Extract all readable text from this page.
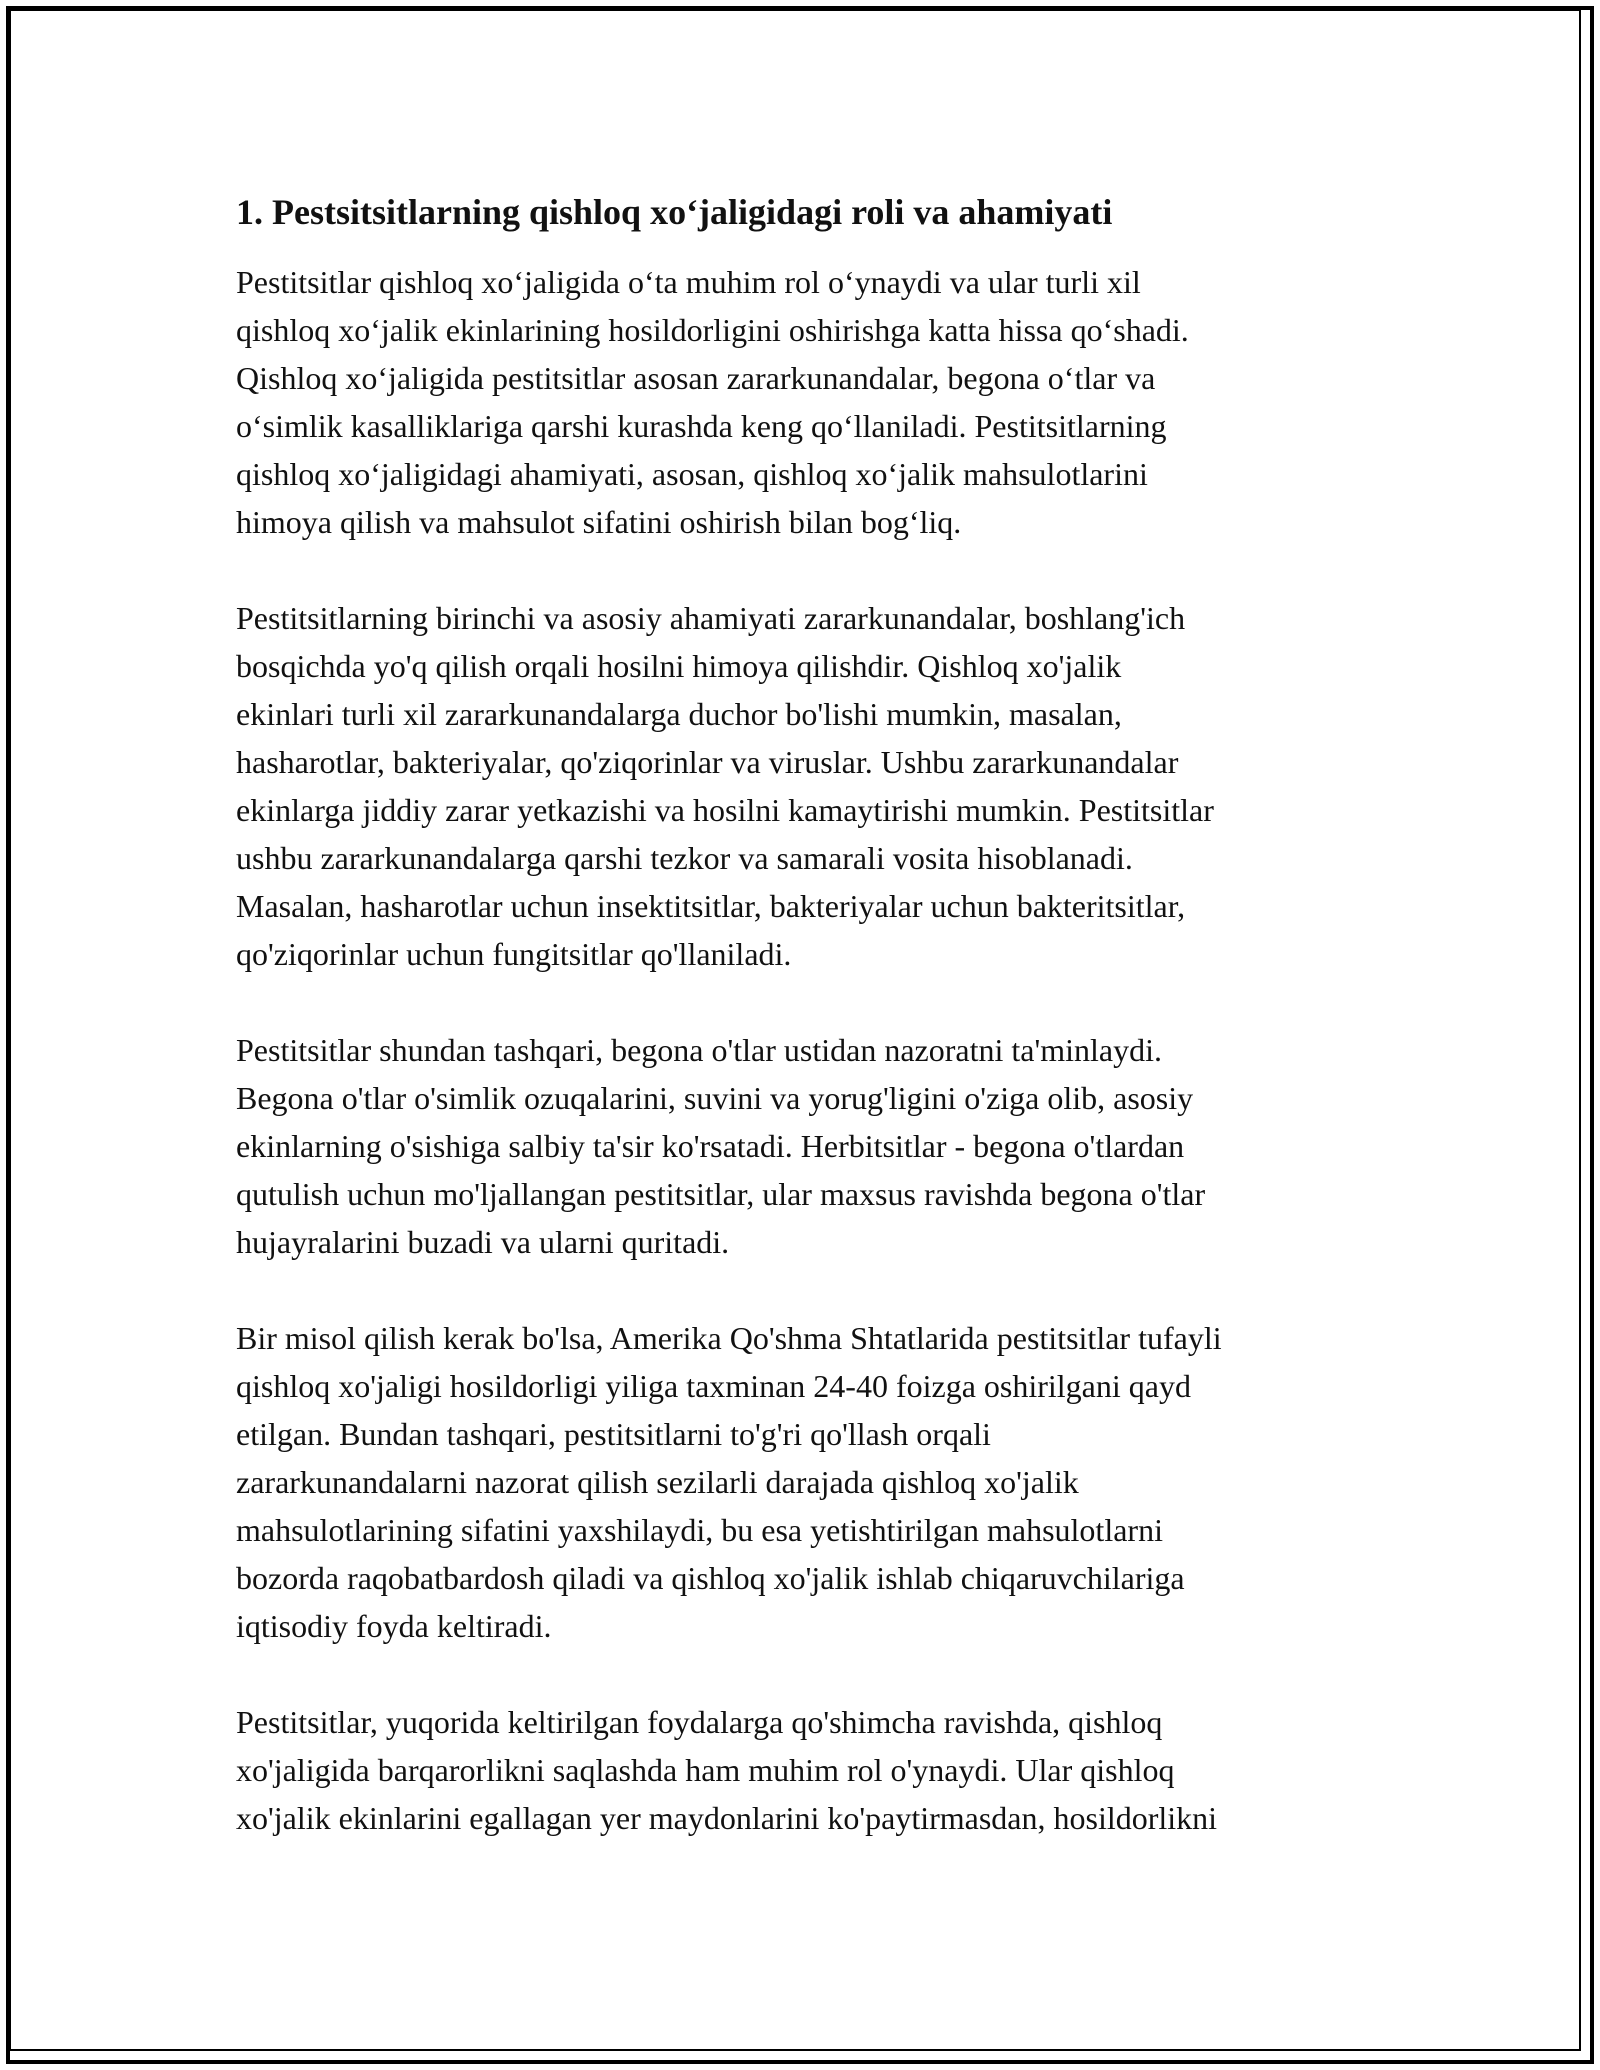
1. Pestsitsitlarning qishloq xoʻjaligidagi roli va ahamiyati

Pestitsitlar qishloq xoʻjaligida oʻta muhim rol oʻynaydi va ular turli xil
qishloq xoʻjalik ekinlarining hosildorligini oshirishga katta hissa qoʻshadi.
Qishloq xoʻjaligida pestitsitlar asosan zararkunandalar, begona oʻtlar va
oʻsimlik kasalliklariga qarshi kurashda keng qoʻllaniladi. Pestitsitlarning
qishloq xoʻjaligidagi ahamiyati, asosan, qishloq xoʻjalik mahsulotlarini
himoya qilish va mahsulot sifatini oshirish bilan bogʻliq.

Pestitsitlarning birinchi va asosiy ahamiyati zararkunandalar, boshlang'ich
bosqichda yo'q qilish orqali hosilni himoya qilishdir. Qishloq xo'jalik
ekinlari turli xil zararkunandalarga duchor bo'lishi mumkin, masalan,
hasharotlar, bakteriyalar, qo'ziqorinlar va viruslar. Ushbu zararkunandalar
ekinlarga jiddiy zarar yetkazishi va hosilni kamaytirishi mumkin. Pestitsitlar
ushbu zararkunandalarga qarshi tezkor va samarali vosita hisoblanadi.
Masalan, hasharotlar uchun insektitsitlar, bakteriyalar uchun bakteritsitlar,
qo'ziqorinlar uchun fungitsitlar qo'llaniladi.

Pestitsitlar shundan tashqari, begona o'tlar ustidan nazoratni ta'minlaydi.
Begona o'tlar o'simlik ozuqalarini, suvini va yorug'ligini o'ziga olib, asosiy
ekinlarning o'sishiga salbiy ta'sir ko'rsatadi. Herbitsitlar - begona o'tlardan
qutulish uchun mo'ljallangan pestitsitlar, ular maxsus ravishda begona o'tlar
hujayralarini buzadi va ularni quritadi.

Bir misol qilish kerak bo'lsa, Amerika Qo'shma Shtatlarida pestitsitlar tufayli
qishloq xo'jaligi hosildorligi yiliga taxminan 24-40 foizga oshirilgani qayd
etilgan. Bundan tashqari, pestitsitlarni to'g'ri qo'llash orqali
zararkunandalarni nazorat qilish sezilarli darajada qishloq xo'jalik
mahsulotlarining sifatini yaxshilaydi, bu esa yetishtirilgan mahsulotlarni
bozorda raqobatbardosh qiladi va qishloq xo'jalik ishlab chiqaruvchilariga
iqtisodiy foyda keltiradi.

Pestitsitlar, yuqorida keltirilgan foydalarga qo'shimcha ravishda, qishloq
xo'jaligida barqarorlikni saqlashda ham muhim rol o'ynaydi. Ular qishloq
xo'jalik ekinlarini egallagan yer maydonlarini ko'paytirmasdan, hosildorlikni
